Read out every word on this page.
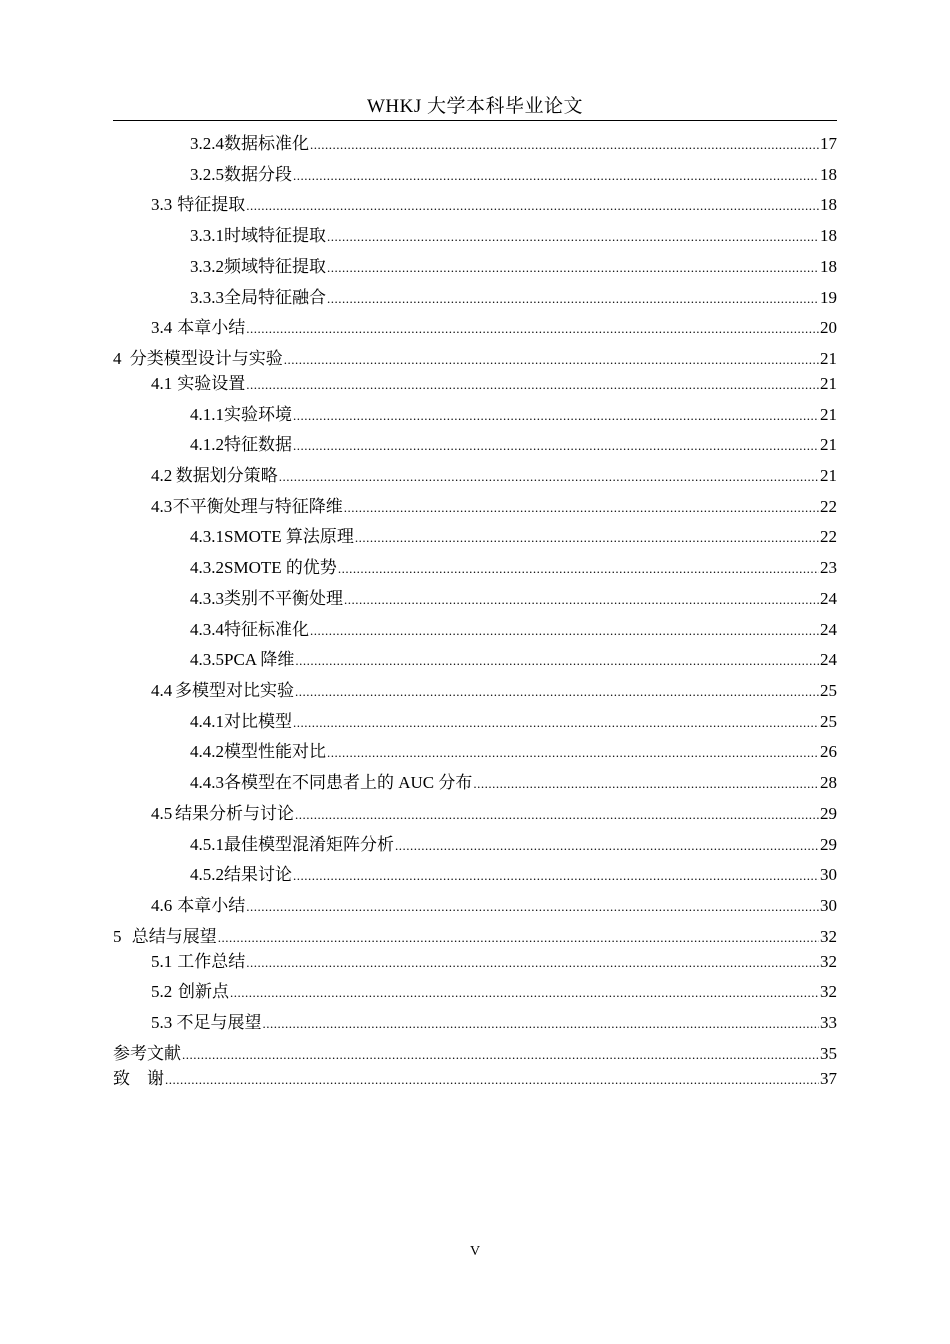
WHKJ 大学本科毕业论文
3.2.4 数据标准化 .....	17
3.2.5 数据分段 .....	18
3.3 特征提取 .....	18
3.3.1 时域特征提取 .....	18
3.3.2 频域特征提取 .....	18
3.3.3 全局特征融合 .....	19
3.4 本章小结 .....	20
4 分类模型设计与实验 .....	21
4.1 实验设置 .....	21
4.1.1 实验环境 .....	21
4.1.2 特征数据 .....	21
4.2 数据划分策略 .....	21
4.3 不平衡处理与特征降维 .....	22
4.3.1 SMOTE 算法原理 .....	22
4.3.2 SMOTE 的优势 .....	23
4.3.3 类别不平衡处理 .....	24
4.3.4 特征标准化 .....	24
4.3.5 PCA 降维 .....	24
4.4 多模型对比实验 .....	25
4.4.1 对比模型 .....	25
4.4.2 模型性能对比 .....	26
4.4.3 各模型在不同患者上的 AUC 分布 .....	28
4.5 结果分析与讨论 .....	29
4.5.1 最佳模型混淆矩阵分析 .....	29
4.5.2 结果讨论 .....	30
4.6 本章小结 .....	30
5 总结与展望 .....	32
5.1 工作总结 .....	32
5.2 创新点 .....	32
5.3 不足与展望 .....	33
参考文献 .....	35
致　谢 .....	37
V
